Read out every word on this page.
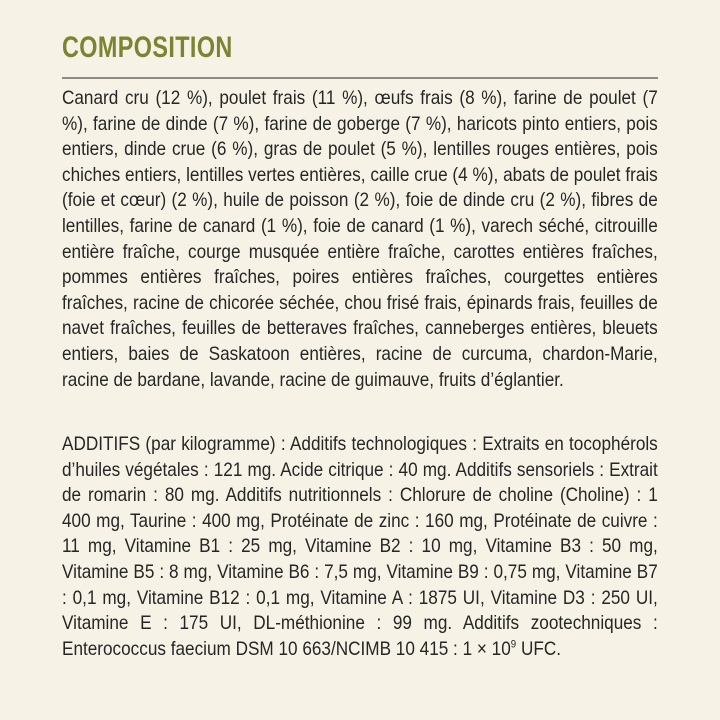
COMPOSITION

Canard cru (12 %), poulet frais (11 %), œufs frais (8 %), farine de poulet (7 %), farine de dinde (7 %), farine de goberge (7 %), haricots pinto entiers, pois entiers, dinde crue (6 %), gras de poulet (5 %), lentilles rouges entières, pois chiches entiers, lentilles vertes entières, caille crue (4 %), abats de poulet frais (foie et cœur) (2 %), huile de poisson (2 %), foie de dinde cru (2 %), fibres de lentilles, farine de canard (1 %), foie de canard (1 %), varech séché, citrouille entière fraîche, courge musquée entière fraîche, carottes entières fraîches, pommes entières fraîches, poires entières fraîches, courgettes entières fraîches, racine de chicorée séchée, chou frisé frais, épinards frais, feuilles de navet fraîches, feuilles de betteraves fraîches, canneberges entières, bleuets entiers, baies de Saskatoon entières, racine de curcuma, chardon-Marie, racine de bardane, lavande, racine de guimauve, fruits d’églantier.

ADDITIFS (par kilogramme) : Additifs technologiques : Extraits en tocophérols d’huiles végétales : 121 mg. Acide citrique : 40 mg. Additifs sensoriels : Extrait de romarin : 80 mg. Additifs nutritionnels : Chlorure de choline (Choline) : 1 400 mg, Taurine : 400 mg, Protéinate de zinc : 160 mg, Protéinate de cuivre : 11 mg, Vitamine B1 : 25 mg, Vitamine B2 : 10 mg, Vitamine B3 : 50 mg, Vitamine B5 : 8 mg, Vitamine B6 : 7,5 mg, Vitamine B9 : 0,75 mg, Vitamine B7 : 0,1 mg, Vitamine B12 : 0,1 mg, Vitamine A : 1875 UI, Vitamine D3 : 250 UI, Vitamine E : 175 UI, DL-méthionine : 99 mg. Additifs zootechniques : Enterococcus faecium DSM 10 663/NCIMB 10 415 : $1 \times 10^9$ UFC.
